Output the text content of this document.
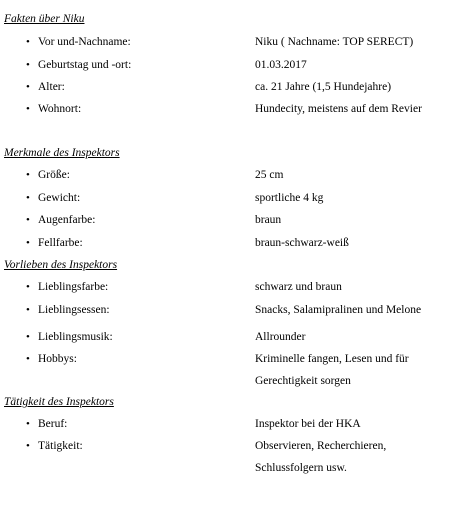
Fakten über Niku
• Vor und-Nachname:	Niku ( Nachname: TOP SERECT)
• Geburtstag und -ort:	01.03.2017
• Alter:	ca. 21 Jahre (1,5 Hundejahre)
• Wohnort:	Hundecity, meistens auf dem Revier
Merkmale des Inspektors
• Größe:	25 cm
• Gewicht:	sportliche 4 kg
• Augenfarbe:	braun
• Fellfarbe:	braun-schwarz-weiß
Vorlieben des Inspektors
• Lieblingsfarbe:	schwarz und braun
• Lieblingsessen:	Snacks, Salamipralinen und Melone
• Lieblingsmusik:	Allrounder
• Hobbys:	Kriminelle fangen, Lesen und für
Gerechtigkeit sorgen
Tätigkeit des Inspektors
• Beruf:	Inspektor bei der HKA
• Tätigkeit:	Observieren, Recherchieren,
Schlussfolgern usw.
